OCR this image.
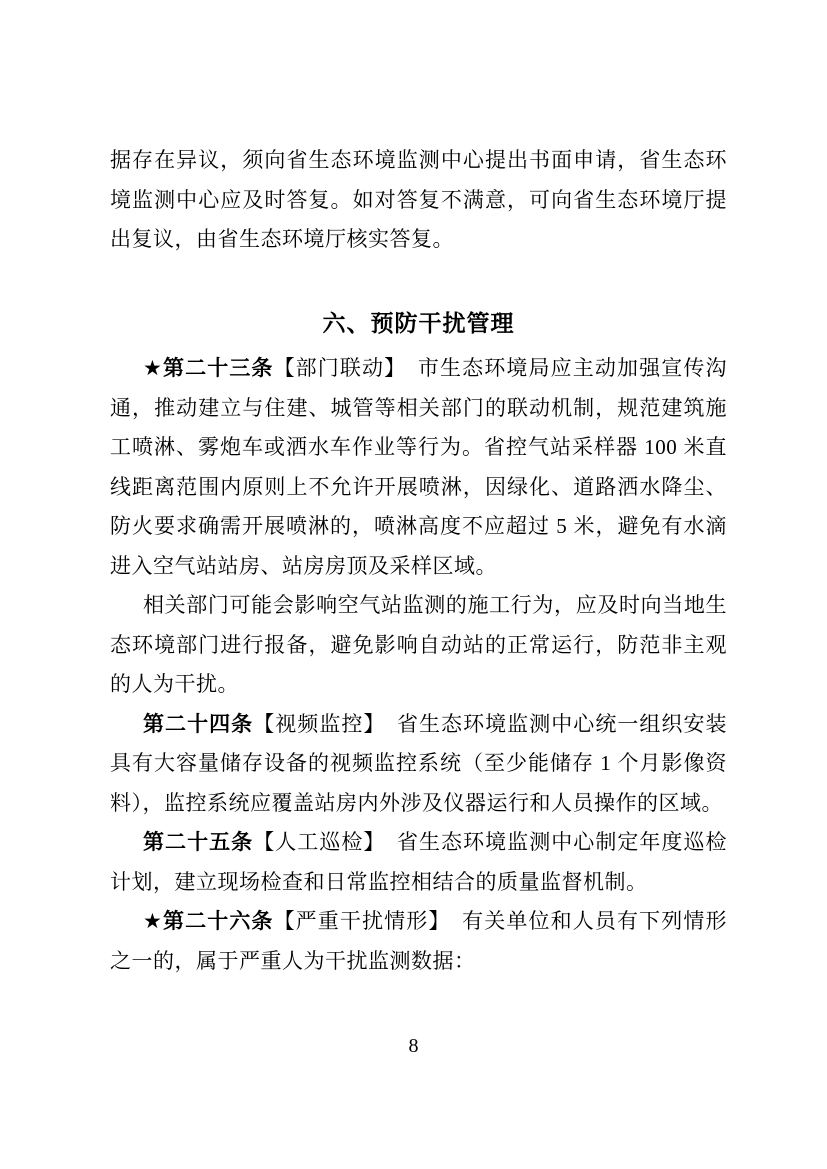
据存在异议，须向省生态环境监测中心提出书面申请，省生态环境监测中心应及时答复。如对答复不满意，可向省生态环境厅提出复议，由省生态环境厅核实答复。

六、预防干扰管理

★第二十三条【部门联动】　市生态环境局应主动加强宣传沟通，推动建立与住建、城管等相关部门的联动机制，规范建筑施工喷淋、雾炮车或洒水车作业等行为。省控气站采样器 100 米直线距离范围内原则上不允许开展喷淋，因绿化、道路洒水降尘、防火要求确需开展喷淋的，喷淋高度不应超过 5 米，避免有水滴进入空气站站房、站房房顶及采样区域。

相关部门可能会影响空气站监测的施工行为，应及时向当地生态环境部门进行报备，避免影响自动站的正常运行，防范非主观的人为干扰。

第二十四条【视频监控】　省生态环境监测中心统一组织安装具有大容量储存设备的视频监控系统（至少能储存 1 个月影像资料），监控系统应覆盖站房内外涉及仪器运行和人员操作的区域。

第二十五条【人工巡检】　省生态环境监测中心制定年度巡检计划，建立现场检查和日常监控相结合的质量监督机制。

★第二十六条【严重干扰情形】　有关单位和人员有下列情形之一的，属于严重人为干扰监测数据：

8
